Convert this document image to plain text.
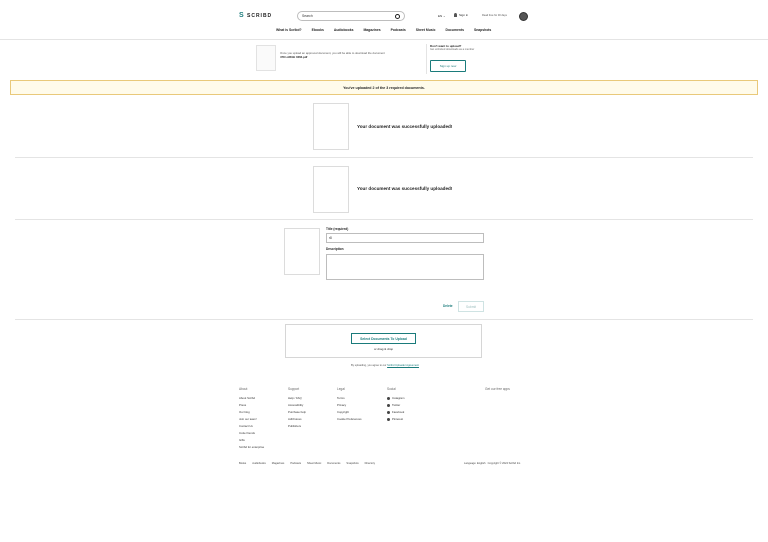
S SCRIBD	Search	EN ⌄	Sign in	Read free for 30 days
What is Scribd?	Ebooks	Audiobooks	Magazines	Podcasts	Sheet Music	Documents	Snapshots
Once you upload an approved document, you will be able to download the document
478 LARGE 0262.pdf
Don't want to upload?
Get unlimited downloads as a member
Sign up now
You've uploaded 2 of the 3 required documents.
Your document was successfully uploaded!
Your document was successfully uploaded!
Title (required)
r8
Description
Delete	Submit
Select Documents To Upload
or drag & drop
By uploading, you agree to our Scribd Uploader Agreement
About
About Scribd
Press
Our blog
Join our team!
Contact Us
Invite friends
Gifts
Scribd for enterprise
Support
Help / FAQ
Accessibility
Purchase help
AdChoices
Publishers
Legal
Terms
Privacy
Copyright
Cookie Preferences
Social
Instagram
Twitter
Facebook
Pinterest
Get our free apps
Books Audiobooks Magazines Podcasts Sheet Music Documents Snapshots Directory	Language: English Copyright © 2024 Scribd Inc.
